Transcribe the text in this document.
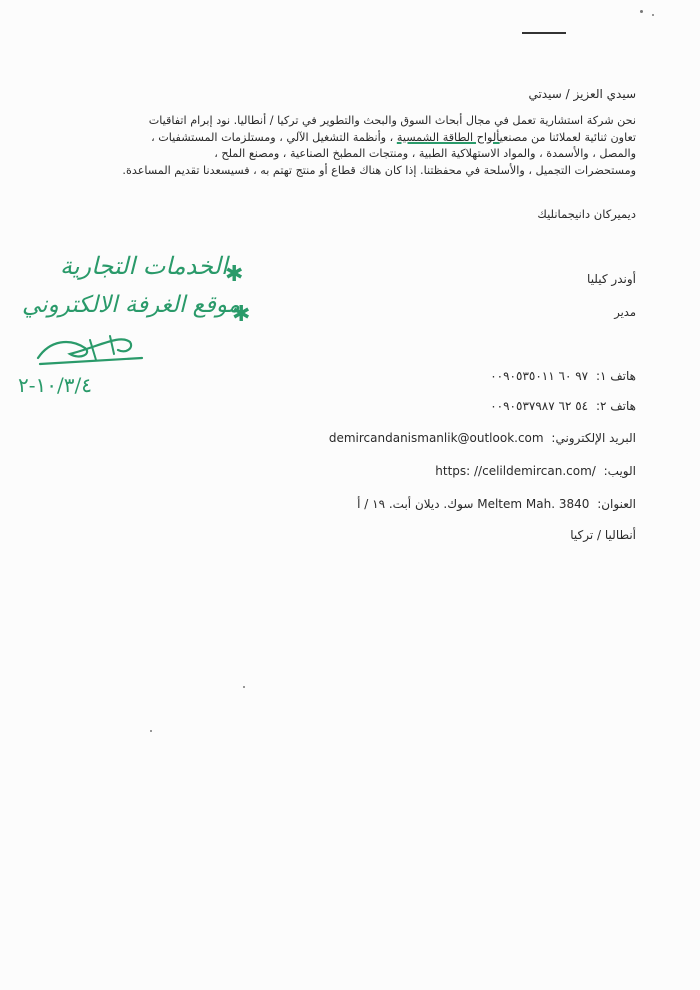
سيدي العزيز / سيدتي
نحن شركة استشارية تعمل في مجال أبحاث السوق والبحث والتطوير في تركيا / أنطاليا. نود إبرام اتفاقيات
تعاون ثنائية لعملائنا من مصنعيألواح الطاقة الشمسية ، وأنظمة التشغيل الآلي ، ومستلزمات المستشفيات ،
والمصل ، والأسمدة ، والمواد الاستهلاكية الطبية ، ومنتجات المطبخ الصناعية ، ومصنع الملح ،
ومستحضرات التجميل ، والأسلحة في محفظتنا. إذا كان هناك قطاع أو منتج تهتم به ، فسيسعدنا تقديم المساعدة.
ديميركان دانيجمانليك
أوندر كيليا
مدير
هاتف ١: ٩٧ ٦٠ ٠٠٩٠٥٣٥٠١١
هاتف ٢: ٥٤ ٦٢ ٠٠٩٠٥٣٧٩٨٧
البريد الإلكتروني: demircandanismanlik@outlook.com
الويب: https: //celildemircan.com/
العنوان: Meltem Mah. 3840 سوك. ديلان أبت. ١٩ / أ
أنطاليا / تركيا
الخدمات التجارية
✱
موقع الغرفة الالكتروني
✱
١٠/٣/٤-٢
